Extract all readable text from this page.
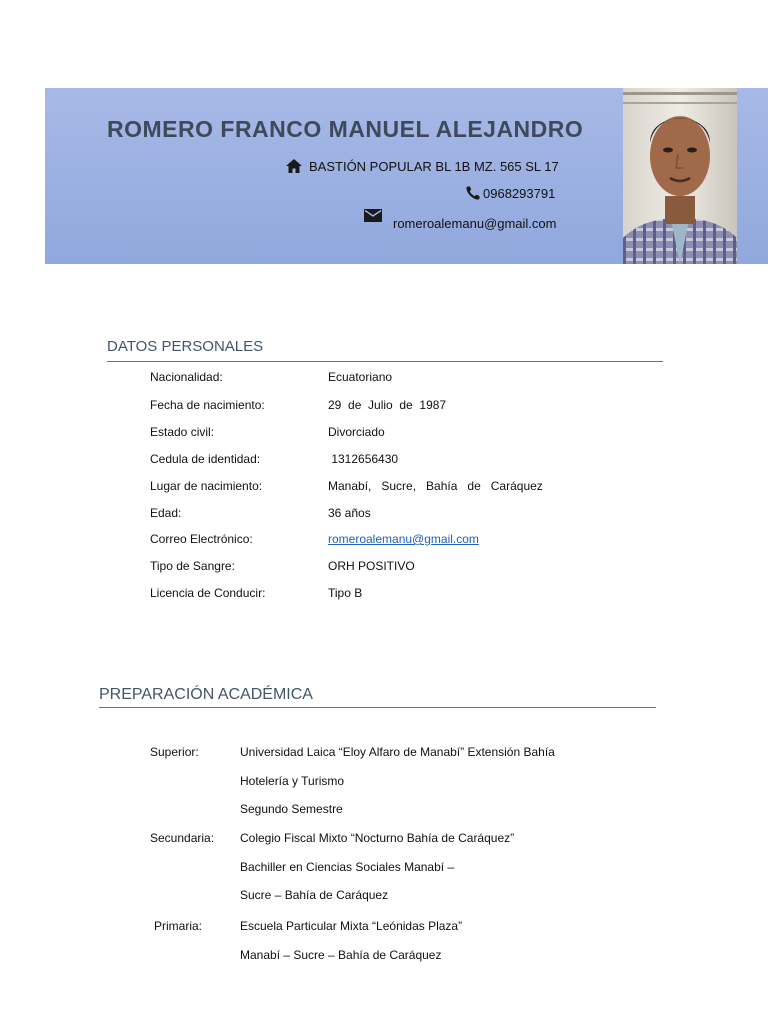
ROMERO FRANCO MANUEL ALEJANDRO
BASTIÓN POPULAR BL 1B MZ. 565 SL 17
0968293791
romeroalemanu@gmail.com
DATOS PERSONALES
Nacionalidad:	Ecuatoriano
Fecha de nacimiento:	29  de  Julio  de  1987
Estado civil:	Divorciado
Cedula de identidad:	1312656430
Lugar de nacimiento:	Manabí,   Sucre,   Bahía   de   Caráquez
Edad:	36 años
Correo Electrónico:	romeroalemanu@gmail.com
Tipo de Sangre:	ORH POSITIVO
Licencia de Conducir:	Tipo B
PREPARACIÓN ACADÉMICA
Superior:	Universidad Laica “Eloy Alfaro de Manabí” Extensión Bahía
Hotelería y Turismo
Segundo Semestre
Secundaria: Colegio Fiscal Mixto “Nocturno Bahía de Caráquez”
Bachiller en Ciencias Sociales Manabí –
Sucre – Bahía de Caráquez
Primaria:	Escuela Particular Mixta “Leónidas Plaza”
Manabí – Sucre – Bahía de Caráquez
